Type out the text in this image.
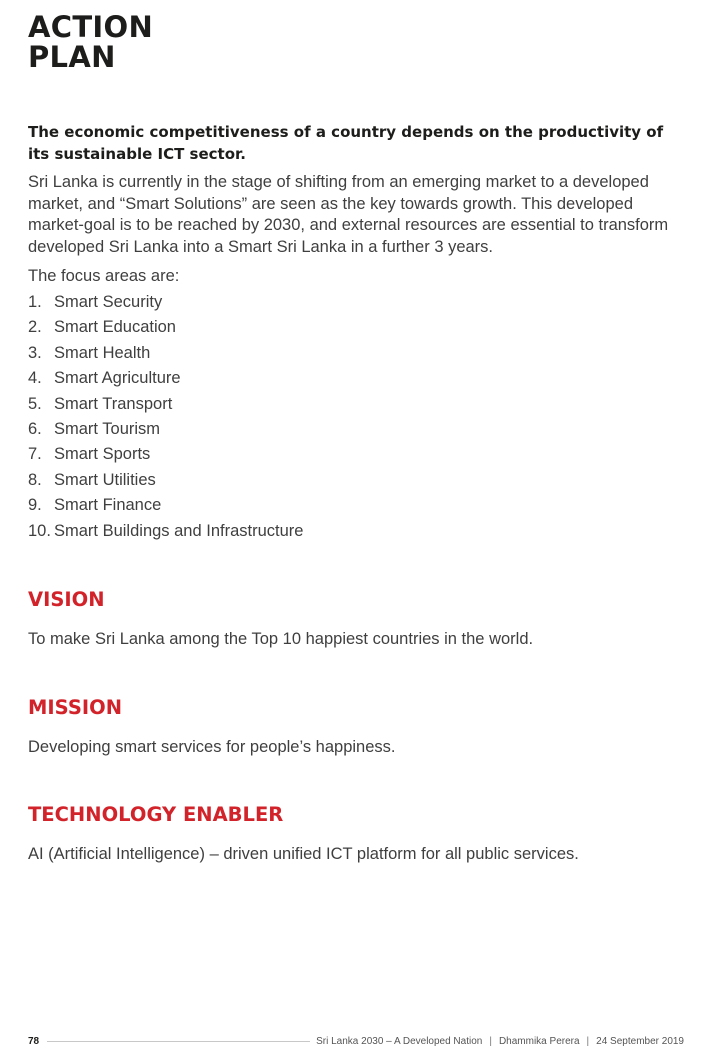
ACTION
PLAN

The economic competitiveness of a country depends on the productivity of its sustainable ICT sector.

Sri Lanka is currently in the stage of shifting from an emerging market to a developed market, and “Smart Solutions” are seen as the key towards growth. This developed market-goal is to be reached by 2030, and external resources are essential to transform developed Sri Lanka into a Smart Sri Lanka in a further 3 years.

The focus areas are:

1. Smart Security
2. Smart Education
3. Smart Health
4. Smart Agriculture
5. Smart Transport
6. Smart Tourism
7. Smart Sports
8. Smart Utilities
9. Smart Finance
10. Smart Buildings and Infrastructure
VISION

To make Sri Lanka among the Top 10 happiest countries in the world.

MISSION

Developing smart services for people’s happiness.

TECHNOLOGY ENABLER

AI (Artificial Intelligence) – driven unified ICT platform for all public services.

78	Sri Lanka 2030 – A Developed Nation | Dhammika Perera | 24 September 2019
